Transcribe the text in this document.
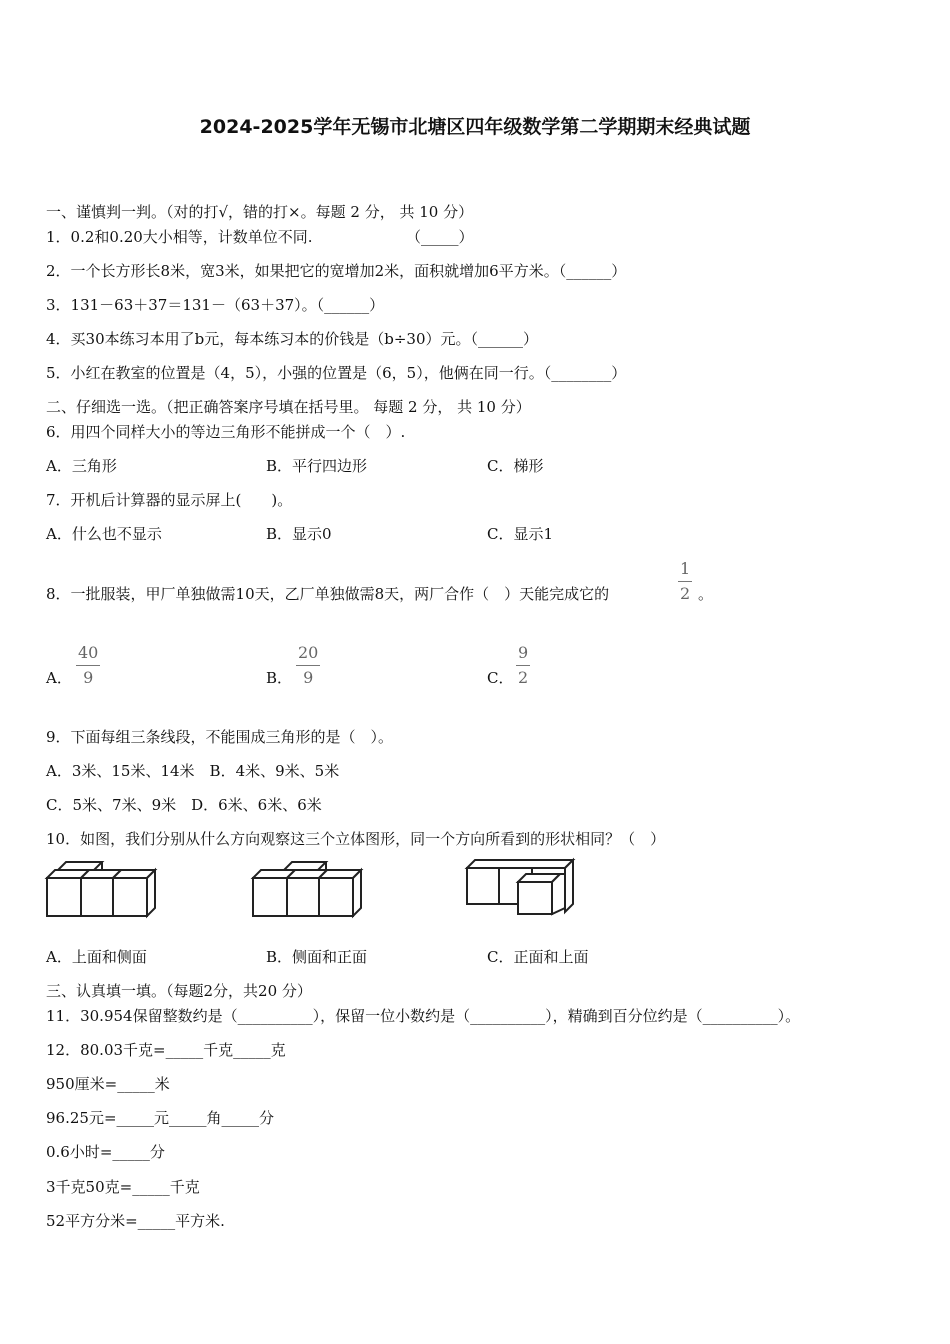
2024-2025学年无锡市北塘区四年级数学第二学期期末经典试题
一、谨慎判一判。（对的打√，错的打×。每题 2 分， 共 10 分）
1．0.2和0.20大小相等，计数单位不同.	（_____）
2．一个长方形长8米，宽3米，如果把它的宽增加2米，面积就增加6平方米。（______）
3．131－63＋37＝131－（63＋37）。（______）
4．买30本练习本用了b元，每本练习本的价钱是（b÷30）元。（______）
5．小红在教室的位置是（4，5），小强的位置是（6，5），他俩在同一行。（________）
二、仔细选一选。（把正确答案序号填在括号里。 每题 2 分， 共 10 分）
6．用四个同样大小的等边三角形不能拼成一个（　）.
A．三角形	B．平行四边形	C．梯形
7．开机后计算器的显示屏上(　　)。
A．什么也不显示	B．显示0	C．显示1
8．一批服装，甲厂单独做需10天，乙厂单独做需8天，两厂合作（　）天能完成它的	$\frac{1}{2}$ 。
A． $\frac{40}{9}$	B． $\frac{20}{9}$	C． $\frac{9}{2}$
9．下面每组三条线段，不能围成三角形的是（　）。
A．3米、15米、14米　B．4米、9米、5米
C．5米、7米、9米　D．6米、6米、6米
10．如图，我们分别从什么方向观察这三个立体图形，同一个方向所看到的形状相同？（　）
A．上面和侧面	B．侧面和正面	C．正面和上面
三、认真填一填。（每题2分，共20 分）
11．30.954保留整数约是（__________），保留一位小数约是（__________），精确到百分位约是（__________）。
12．80.03千克=_____千克_____克
950厘米=_____米
96.25元=_____元_____角_____分
0.6小时=_____分
3千克50克=_____千克
52平方分米=_____平方米.
